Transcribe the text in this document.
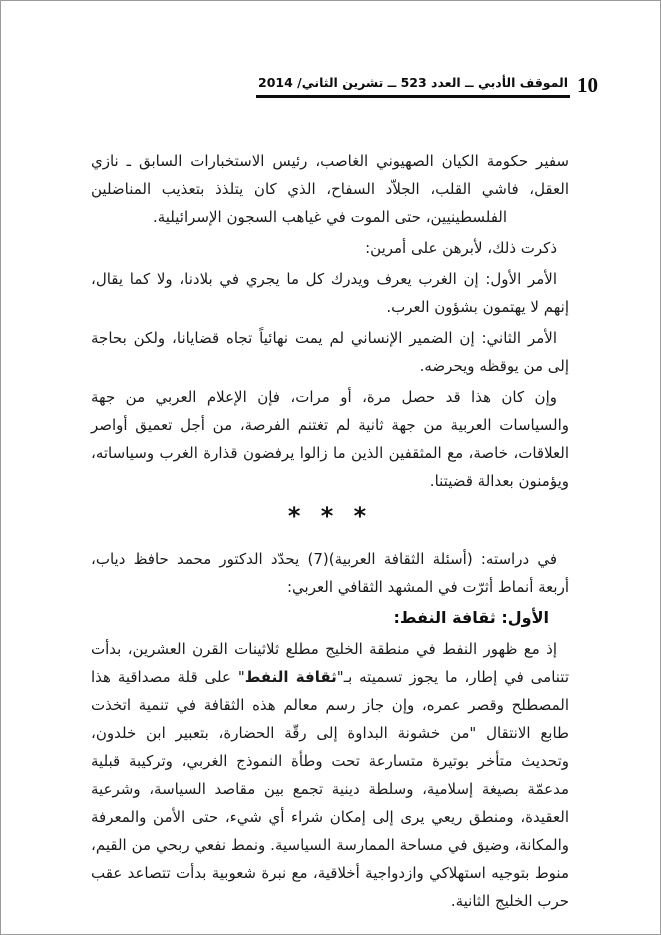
الموقف الأدبي ــ العدد 523 ــ تشرين الثاني/ 2014 10

سفير حكومة الكيان الصهيوني الغاصب، رئيس الاستخبارات السابق ـ نازي العقل، فاشي القلب، الجلاّد السفاح، الذي كان يتلذذ بتعذيب المناضلين الفلسطينيين، حتى الموت في غياهب السجون الإسرائيلية.

ذكرت ذلك، لأبرهن على أمرين:

الأمر الأول: إن الغرب يعرف ويدرك كل ما يجري في بلادنا، ولا كما يقال، إنهم لا يهتمون بشؤون العرب.

الأمر الثاني: إن الضمير الإنساني لم يمت نهائياً تجاه قضايانا، ولكن بحاجة إلى من يوقظه ويحرضه.

وإن كان هذا قد حصل مرة، أو مرات، فإن الإعلام العربي من جهة والسياسات العربية من جهة ثانية لم تغتنم الفرصة، من أجل تعميق أواصر العلاقات، خاصة، مع المثقفين الذين ما زالوا يرفضون قذارة الغرب وسياساته، ويؤمنون بعدالة قضيتنا.

* * *

في دراسته: (أسئلة الثقافة العربية)(7) يحدّد الدكتور محمد حافظ دياب، أربعة أنماط أثرّت في المشهد الثقافي العربي:

الأول: ثقافة النفط:

إذ مع ظهور النفط في منطقة الخليج مطلع ثلاثينات القرن العشرين، بدأت تتنامى في إطار، ما يجوز تسميته بـ"ثقافة النفط" على قلة مصداقية هذا المصطلح وقصر عمره، وإن جاز رسم معالم هذه الثقافة في تنمية اتخذت طابع الانتقال "من خشونة البداوة إلى رقّة الحضارة، بتعبير ابن خلدون، وتحديث متأخر بوتيرة متسارعة تحت وطأة النموذج الغربي، وتركيبة قبلية مدعمّة بصيغة إسلامية، وسلطة دينية تجمع بين مقاصد السياسة، وشرعية العقيدة، ومنطق ريعي يرى إلى إمكان شراء أي شيء، حتى الأمن والمعرفة والمكانة، وضيق في مساحة الممارسة السياسية. ونمط نفعي ربحي من القيم، منوط بتوجيه استهلاكي وازدواجية أخلاقية، مع نبرة شعوبية بدأت تتصاعد عقب حرب الخليج الثانية.
